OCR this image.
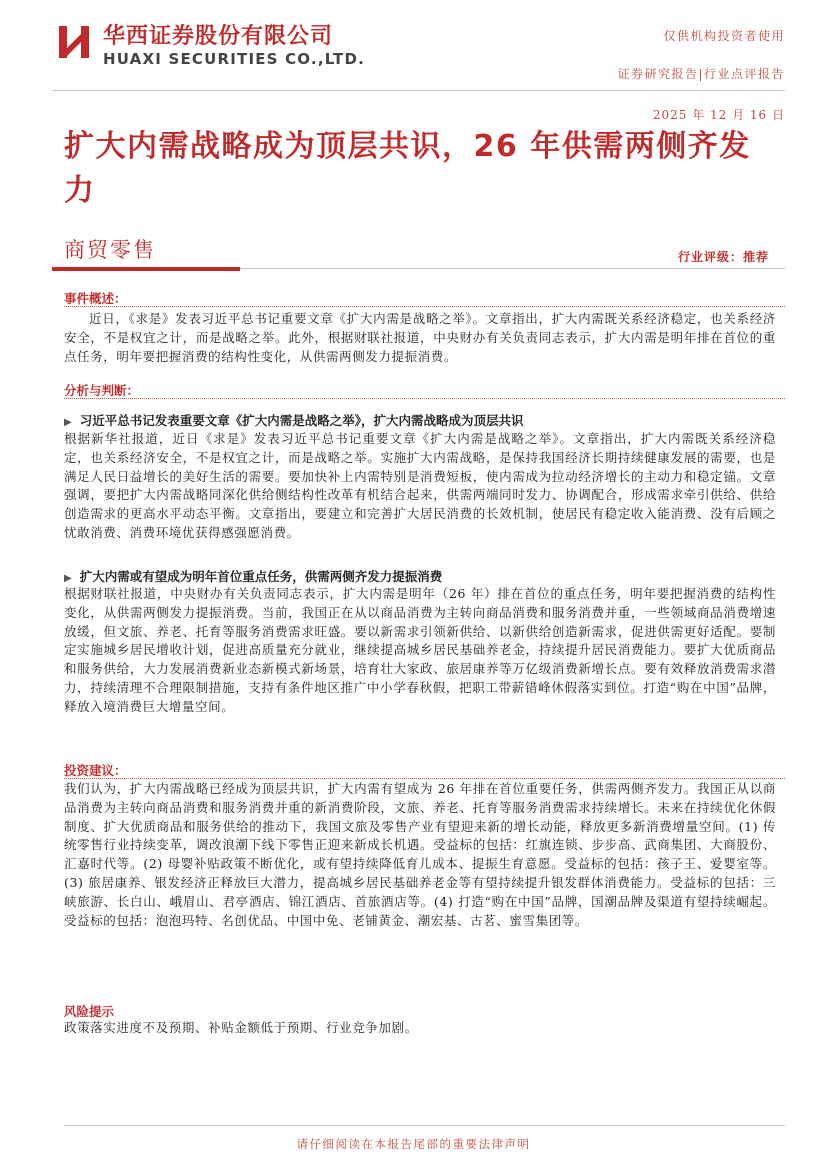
华西证券股份有限公司
HUAXI SECURITIES CO.,LTD.
仅供机构投资者使用
证券研究报告|行业点评报告
2025 年 12 月 16 日
扩大内需战略成为顶层共识，26 年供需两侧齐发力
商贸零售	行业评级：推荐
事件概述：
近日，《求是》发表习近平总书记重要文章《扩大内需是战略之举》。文章指出，扩大内需既关系经济稳定，也关系经济安全，不是权宜之计，而是战略之举。此外，根据财联社报道，中央财办有关负责同志表示，扩大内需是明年排在首位的重点任务，明年要把握消费的结构性变化，从供需两侧发力提振消费。
分析与判断：
▶ 习近平总书记发表重要文章《扩大内需是战略之举》，扩大内需战略成为顶层共识
根据新华社报道，近日《求是》发表习近平总书记重要文章《扩大内需是战略之举》。文章指出，扩大内需既关系经济稳定，也关系经济安全，不是权宜之计，而是战略之举。实施扩大内需战略，是保持我国经济长期持续健康发展的需要，也是满足人民日益增长的美好生活的需要。要加快补上内需特别是消费短板，使内需成为拉动经济增长的主动力和稳定锚。文章强调，要把扩大内需战略同深化供给侧结构性改革有机结合起来，供需两端同时发力、协调配合，形成需求牵引供给、供给创造需求的更高水平动态平衡。文章指出，要建立和完善扩大居民消费的长效机制，使居民有稳定收入能消费、没有后顾之忧敢消费、消费环境优获得感强愿消费。
▶ 扩大内需或有望成为明年首位重点任务，供需两侧齐发力提振消费
根据财联社报道，中央财办有关负责同志表示，扩大内需是明年（26 年）排在首位的重点任务，明年要把握消费的结构性变化，从供需两侧发力提振消费。当前，我国正在从以商品消费为主转向商品消费和服务消费并重，一些领域商品消费增速放缓，但文旅、养老、托育等服务消费需求旺盛。要以新需求引领新供给、以新供给创造新需求，促进供需更好适配。要制定实施城乡居民增收计划，促进高质量充分就业，继续提高城乡居民基础养老金，持续提升居民消费能力。要扩大优质商品和服务供给，大力发展消费新业态新模式新场景，培育壮大家政、旅居康养等万亿级消费新增长点。要有效释放消费需求潜力，持续清理不合理限制措施，支持有条件地区推广中小学春秋假，把职工带薪错峰休假落实到位。打造“购在中国”品牌，释放入境消费巨大增量空间。
投资建议：
我们认为，扩大内需战略已经成为顶层共识，扩大内需有望成为 26 年排在首位重要任务，供需两侧齐发力。我国正从以商品消费为主转向商品消费和服务消费并重的新消费阶段，文旅、养老、托育等服务消费需求持续增长。未来在持续优化休假制度、扩大优质商品和服务供给的推动下，我国文旅及零售产业有望迎来新的增长动能，释放更多新消费增量空间。(1) 传统零售行业持续变革，调改浪潮下线下零售正迎来新成长机遇。受益标的包括：红旗连锁、步步高、武商集团、大商股份、汇嘉时代等。(2) 母婴补贴政策不断优化，或有望持续降低育儿成本、提振生育意愿。受益标的包括：孩子王、爱婴室等。(3) 旅居康养、银发经济正释放巨大潜力，提高城乡居民基础养老金等有望持续提升银发群体消费能力。受益标的包括：三峡旅游、长白山、峨眉山、君亭酒店、锦江酒店、首旅酒店等。(4) 打造“购在中国”品牌，国潮品牌及渠道有望持续崛起。受益标的包括：泡泡玛特、名创优品、中国中免、老铺黄金、潮宏基、古茗、蜜雪集团等。
风险提示
政策落实进度不及预期、补贴金额低于预期、行业竞争加剧。
请仔细阅读在本报告尾部的重要法律声明
